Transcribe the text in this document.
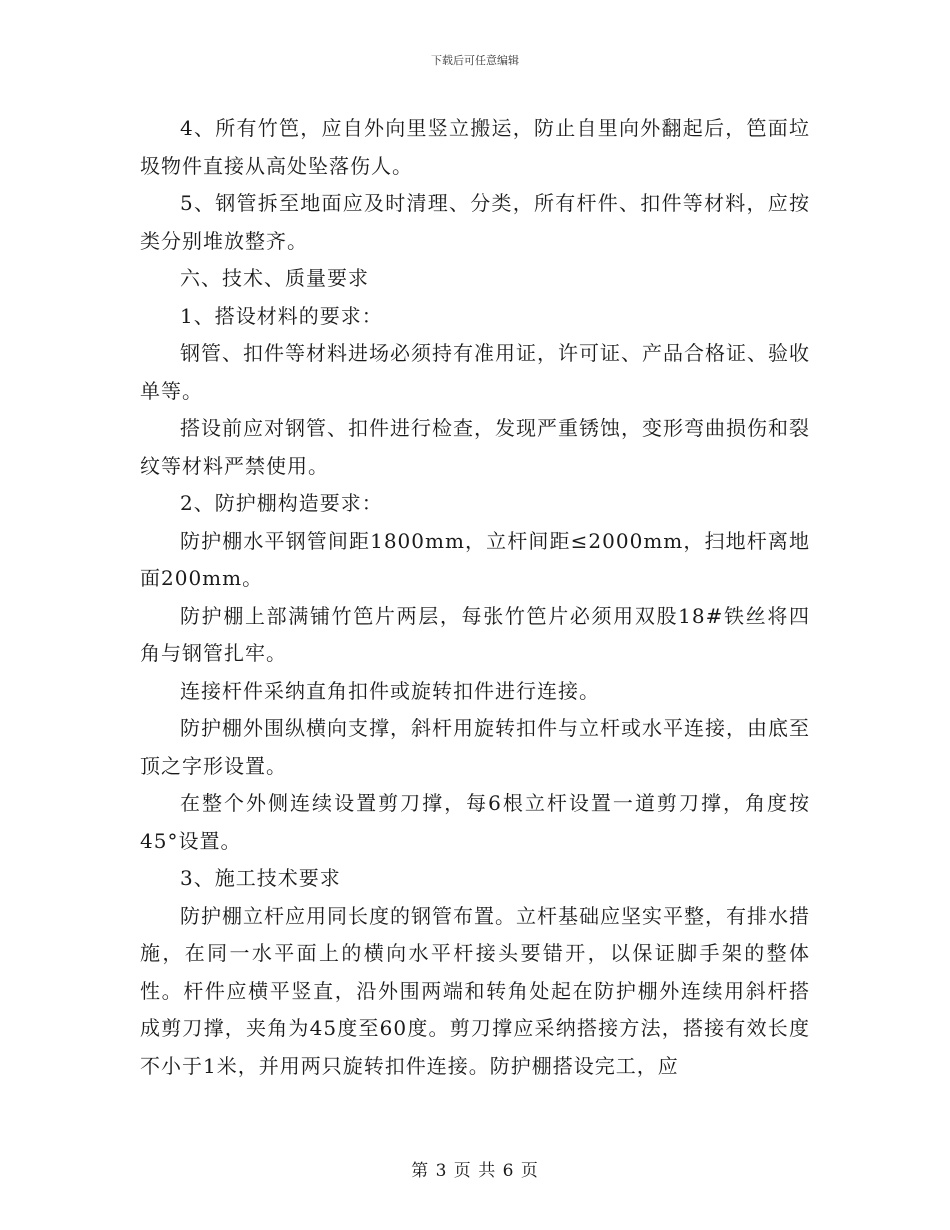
下载后可任意编辑

4、所有竹笆，应自外向里竖立搬运，防止自里向外翻起后，笆面垃圾物件直接从高处坠落伤人。

5、钢管拆至地面应及时清理、分类，所有杆件、扣件等材料，应按类分别堆放整齐。

六、技术、质量要求

1、搭设材料的要求：

钢管、扣件等材料进场必须持有准用证，许可证、产品合格证、验收单等。

搭设前应对钢管、扣件进行检查，发现严重锈蚀，变形弯曲损伤和裂纹等材料严禁使用。

2、防护棚构造要求：

防护棚水平钢管间距1800mm，立杆间距≤2000mm，扫地杆离地面200mm。

防护棚上部满铺竹笆片两层，每张竹笆片必须用双股18#铁丝将四角与钢管扎牢。

连接杆件采纳直角扣件或旋转扣件进行连接。

防护棚外围纵横向支撑，斜杆用旋转扣件与立杆或水平连接，由底至顶之字形设置。

在整个外侧连续设置剪刀撑，每6根立杆设置一道剪刀撑，角度按45°设置。

3、施工技术要求

防护棚立杆应用同长度的钢管布置。立杆基础应坚实平整，有排水措施，在同一水平面上的横向水平杆接头要错开，以保证脚手架的整体性。杆件应横平竖直，沿外围两端和转角处起在防护棚外连续用斜杆搭成剪刀撑，夹角为45度至60度。剪刀撑应采纳搭接方法，搭接有效长度不小于1米，并用两只旋转扣件连接。防护棚搭设完工，应

第 3 页 共 6 页
